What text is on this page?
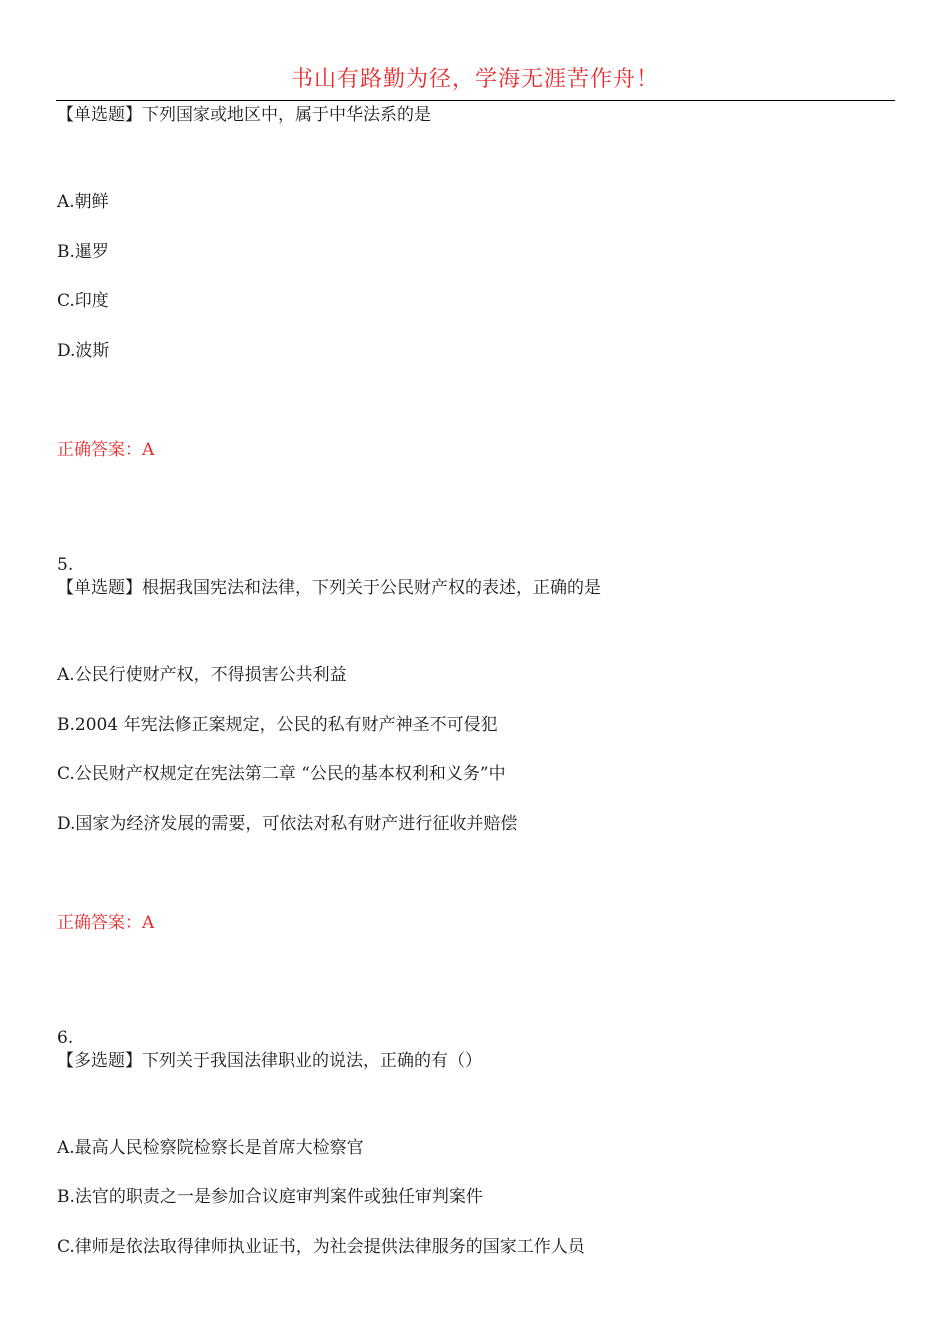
书山有路勤为径，学海无涯苦作舟！
【单选题】下列国家或地区中，属于中华法系的是
A.朝鲜
B.暹罗
C.印度
D.波斯
正确答案：A
5.
【单选题】根据我国宪法和法律，下列关于公民财产权的表述，正确的是
A.公民行使财产权，不得损害公共利益
B.2004 年宪法修正案规定，公民的私有财产神圣不可侵犯
C.公民财产权规定在宪法第二章 “公民的基本权利和义务”中
D.国家为经济发展的需要，可依法对私有财产进行征收并赔偿
正确答案：A
6.
【多选题】下列关于我国法律职业的说法，正确的有（）
A.最高人民检察院检察长是首席大检察官
B.法官的职责之一是参加合议庭审判案件或独任审判案件
C.律师是依法取得律师执业证书，为社会提供法律服务的国家工作人员
